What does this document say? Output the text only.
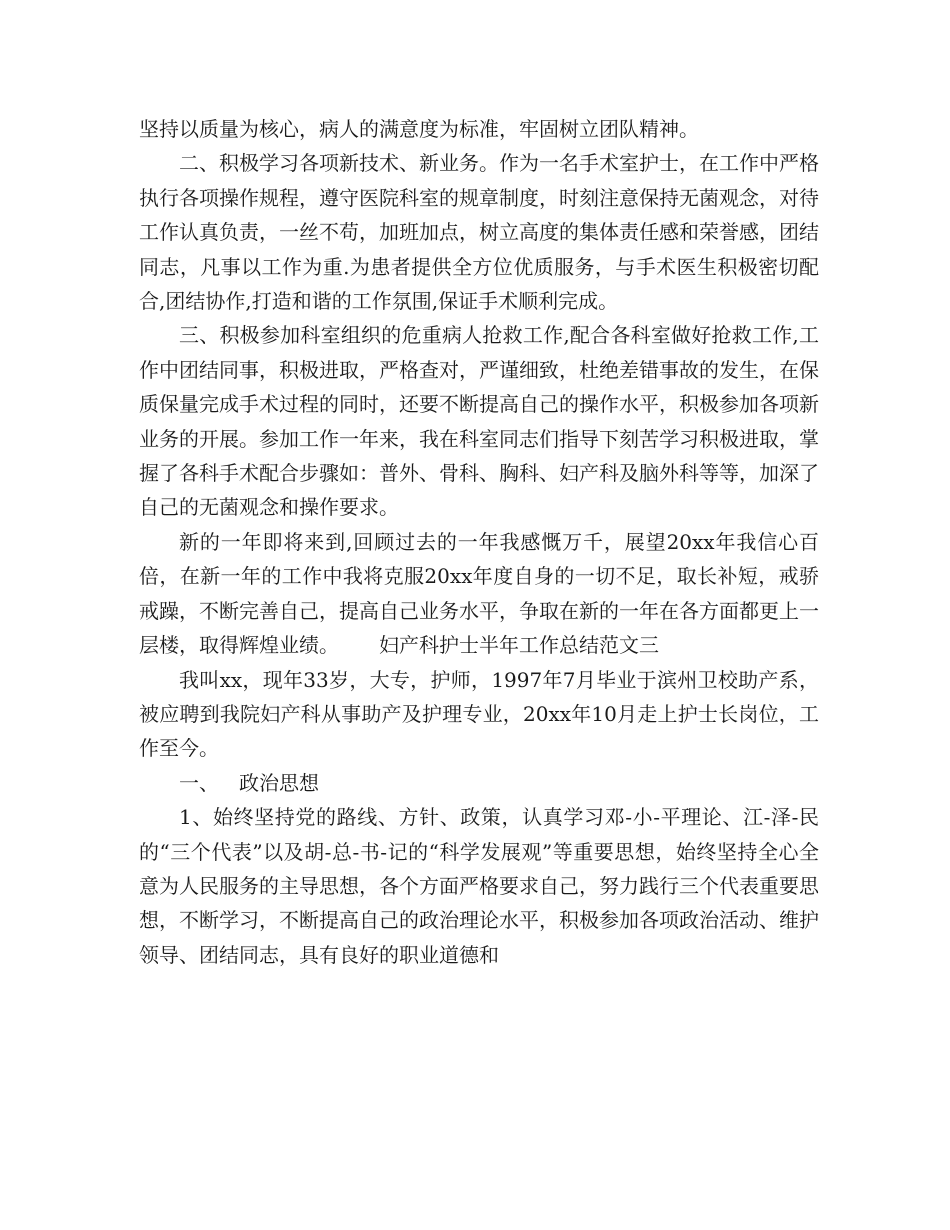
坚持以质量为核心，病人的满意度为标准，牢固树立团队精神。

二、积极学习各项新技术、新业务。作为一名手术室护士，在工作中严格执行各项操作规程，遵守医院科室的规章制度，时刻注意保持无菌观念，对待工作认真负责，一丝不苟，加班加点，树立高度的集体责任感和荣誉感，团结同志，凡事以工作为重.为患者提供全方位优质服务，与手术医生积极密切配合,团结协作,打造和谐的工作氛围,保证手术顺利完成。

三、积极参加科室组织的危重病人抢救工作,配合各科室做好抢救工作,工作中团结同事，积极进取，严格查对，严谨细致，杜绝差错事故的发生，在保质保量完成手术过程的同时，还要不断提高自己的操作水平，积极参加各项新业务的开展。参加工作一年来，我在科室同志们指导下刻苦学习积极进取，掌握了各科手术配合步骤如：普外、骨科、胸科、妇产科及脑外科等等，加深了自己的无菌观念和操作要求。

新的一年即将来到,回顾过去的一年我感慨万千，展望20xx年我信心百倍，在新一年的工作中我将克服20xx年度自身的一切不足，取长补短，戒骄戒躁，不断完善自己，提高自己业务水平，争取在新的一年在各方面都更上一层楼，取得辉煌业绩。 妇产科护士半年工作总结范文三

我叫xx，现年33岁，大专，护师，1997年7月毕业于滨州卫校助产系，被应聘到我院妇产科从事助产及护理专业，20xx年10月走上护士长岗位，工作至今。

一、 政治思想

1、始终坚持党的路线、方针、政策，认真学习邓-小-平理论、江-泽-民的“三个代表”以及胡-总-书-记的“科学发展观”等重要思想，始终坚持全心全意为人民服务的主导思想，各个方面严格要求自己，努力践行三个代表重要思想，不断学习，不断提高自己的政治理论水平，积极参加各项政治活动、维护领导、团结同志，具有良好的职业道德和
